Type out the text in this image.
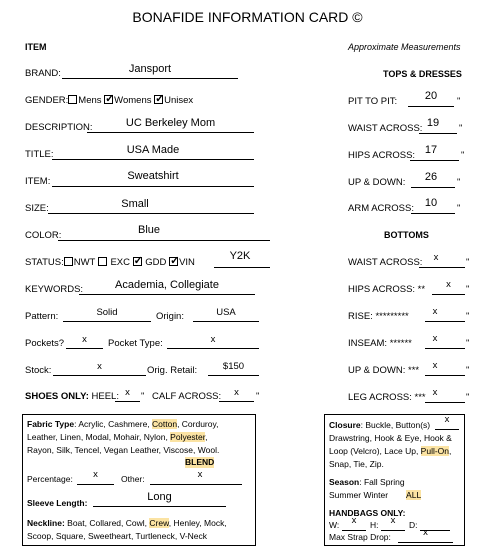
BONAFIDE INFORMATION CARD ©
ITEM	Approximate Measurements
BRAND:	Jansport
GENDER: Mens ✓ Womens ✓ Unisex
DESCRIPTION:	UC Berkeley Mom
TITLE:	USA Made
ITEM:	Sweatshirt
SIZE:	Small
COLOR:	Blue
STATUS: NWT EXC ✓ GDD ✓ VIN
Y2K
KEYWORDS:	Academia, Collegiate
Pattern:	Solid	Origin:	USA
Pockets?	x	Pocket Type:	x
Stock:	x	Orig. Retail:	$150
SHOES ONLY: HEEL: x	" CALF ACROSS:	x	"
TOPS & DRESSES
PIT TO PIT:	20	"
WAIST ACROSS: 19	"
HIPS ACROSS: 17	"
UP & DOWN:	26	"
ARM ACROSS: 10	"
BOTTOMS
WAIST ACROSS:	x	"
HIPS ACROSS: **	x	"
RISE: *********	x	"
INSEAM: ******	x	"
UP & DOWN: ***	x	"
LEG ACROSS: *** x	"
Fabric Type: Acrylic, Cashmere, Cotton, Corduroy,
Leather, Linen, Modal, Mohair, Nylon, Polyester,
Rayon, Silk, Tencel, Vegan Leather, Viscose, Wool.
BLEND
Percentage:	x	Other:	x
Sleeve Length:	Long
Neckline: Boat, Collared, Cowl, Crew, Henley, Mock,
Scoop, Square, Sweetheart, Turtleneck, V-Neck
Closure: Buckle, Button(s)	x
Drawstring, Hook & Eye, Hook &
Loop (Velcro), Lace Up, Pull-On,
Snap, Tie, Zip.
Season: Fall Spring
Summer Winter ALL
HANDBAGS ONLY:
W:	x	H:	x	D:
Max Strap Drop:	x
